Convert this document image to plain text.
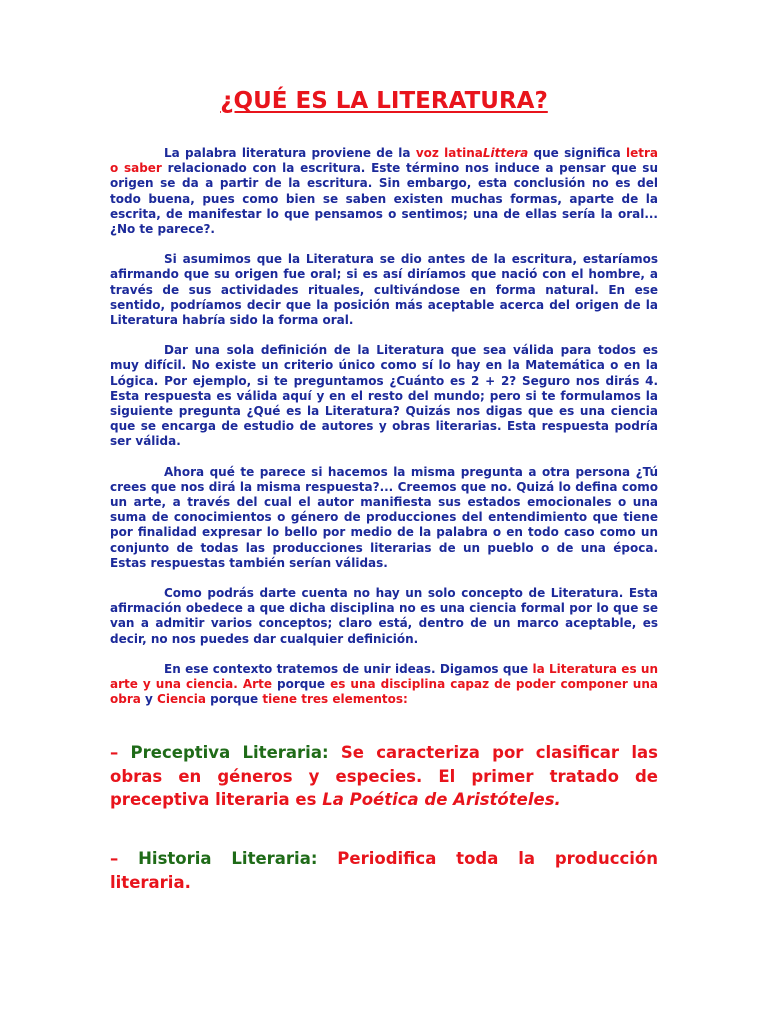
¿QUÉ ES LA LITERATURA?

La palabra literatura proviene de la voz latinaLittera que significa letra o saber relacionado con la escritura. Este término nos induce a pensar que su origen se da a partir de la escritura. Sin embargo, esta conclusión no es del todo buena, pues como bien se saben existen muchas formas, aparte de la escrita, de manifestar lo que pensamos o sentimos; una de ellas sería la oral... ¿No te parece?.

Si asumimos que la Literatura se dio antes de la escritura, estaríamos afirmando que su origen fue oral; si es así diríamos que nació con el hombre, a través de sus actividades rituales, cultivándose en forma natural. En ese sentido, podríamos decir que la posición más aceptable acerca del origen de la Literatura habría sido la forma oral.

Dar una sola definición de la Literatura que sea válida para todos es muy difícil. No existe un criterio único como sí lo hay en la Matemática o en la Lógica. Por ejemplo, si te preguntamos ¿Cuánto es 2 + 2? Seguro nos dirás 4. Esta respuesta es válida aquí y en el resto del mundo; pero si te formulamos la siguiente pregunta ¿Qué es la Literatura? Quizás nos digas que es una ciencia que se encarga de estudio de autores y obras literarias. Esta respuesta podría ser válida.

Ahora qué te parece si hacemos la misma pregunta a otra persona ¿Tú crees que nos dirá la misma respuesta?... Creemos que no. Quizá lo defina como un arte, a través del cual el autor manifiesta sus estados emocionales o una suma de conocimientos o género de producciones del entendimiento que tiene por finalidad expresar lo bello por medio de la palabra o en todo caso como un conjunto de todas las producciones literarias de un pueblo o de una época. Estas respuestas también serían válidas.

Como podrás darte cuenta no hay un solo concepto de Literatura. Esta afirmación obedece a que dicha disciplina no es una ciencia formal por lo que se van a admitir varios conceptos; claro está, dentro de un marco aceptable, es decir, no nos puedes dar cualquier definición.

En ese contexto tratemos de unir ideas. Digamos que la Literatura es un arte y una ciencia. Arte porque es una disciplina capaz de poder componer una obra y Ciencia porque tiene tres elementos:

– Preceptiva Literaria: Se caracteriza por clasificar las obras en géneros y especies. El primer tratado de preceptiva literaria es La Poética de Aristóteles.

– Historia Literaria: Periodifica toda la producción literaria.
